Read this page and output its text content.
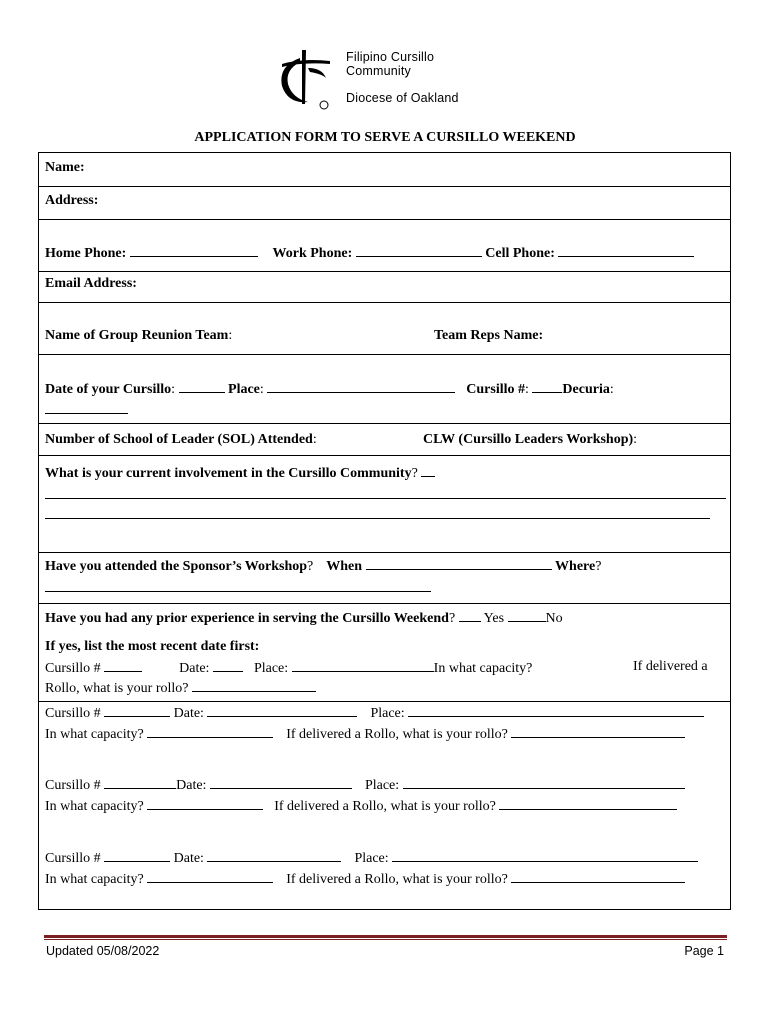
Filipino Cursillo
Community
Diocese of Oakland
APPLICATION FORM TO SERVE A CURSILLO WEEKEND
Name:
Address:
Home Phone:	Work Phone:	Cell Phone:
Email Address:
Name of Group Reunion Team:	Team Reps Name:
Date of your Cursillo:	Place:	Cursillo #: Decuria:
Number of School of Leader (SOL) Attended:	CLW (Cursillo Leaders Workshop):
What is your current involvement in the Cursillo Community?
Have you attended the Sponsor’s Workshop? When	Where?
Have you had any prior experience in serving the Cursillo Weekend? Yes	No
If yes, list the most recent date first:
Cursillo #	Date:	Place:	In what capacity?	If delivered a
Rollo, what is your rollo?
Cursillo #	Date:	Place:
In what capacity?	If delivered a Rollo, what is your rollo?
Cursillo #	Date:	Place:
In what capacity?	If delivered a Rollo, what is your rollo?
Cursillo #	Date:	Place:
In what capacity?	If delivered a Rollo, what is your rollo?
Updated 05/08/2022	Page 1
